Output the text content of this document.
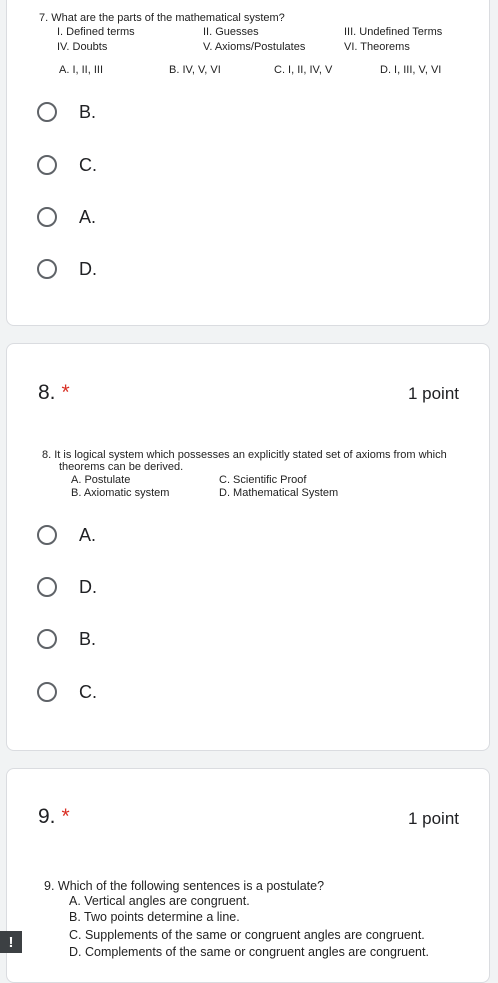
7. What are the parts of the mathematical system?
I. Defined terms	II. Guesses	III. Undefined Terms
IV. Doubts	V. Axioms/Postulates	VI. Theorems
A. I, II, III	B. IV, V, VI	C. I, II, IV, V	D. I, III, V, VI
B.
C.
A.
D.
8. *	1 point
8. It is logical system which possesses an explicitly stated set of axioms from which
theorems can be derived.
A. Postulate	C. Scientific Proof
B. Axiomatic system	D. Mathematical System
A.
D.
B.
C.
9. *	1 point
9. Which of the following sentences is a postulate?
A. Vertical angles are congruent.
B. Two points determine a line.
C. Supplements of the same or congruent angles are congruent.
D. Complements of the same or congruent angles are congruent.
!
